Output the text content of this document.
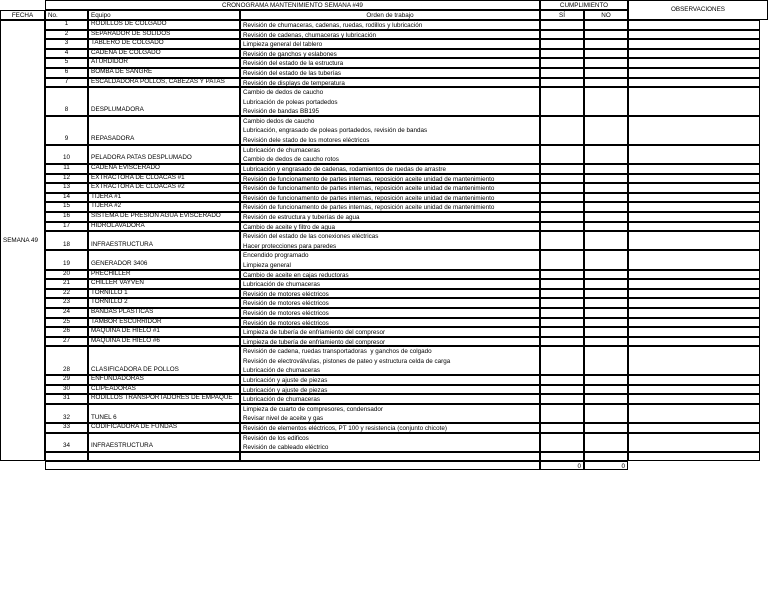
CRONOGRAMA MANTENIMIENTO SEMANA #49	CUMPLIMIENTO
OBSERVACIONES
FECHA	No.	Equipo	Orden de trabajo	SÍ	NO
1	RODILLOS DE COLGADO	Revisión de chumaceras, cadenas, ruedas, rodillos y lubricación
2	SEPARADOR DE SÓLIDOS	Revisión de cadenas, chumaceras y lubricación
3	TABLERO DE COLGADO	Limpieza general del tablero
4	CADENA DE COLGADO	Revisión de ganchos y eslabones
5	ATURDIDOR	Revisión del estado de la estructura
6	BOMBA DE SANGRE	Revisión del estado de las tuberías
7	ESCALDADORA POLLOS, CABEZAS Y PATAS	Revisión de displays de temperatura
8	DESPLUMADORA
Cambio de dedos de caucho
Lubricación de poleas portadedos
Revisión de bandas BB195
9	REPASADORA
Cambio dedos de caucho
Lubricación, engrasado de poleas portadedos, revisión de bandas
Revisión dele stado de los motores eléctricos
10	PELADORA PATAS DESPLUMADO
Lubricación de chumaceras
Cambio de dedos de caucho rotos
11	CADENA EVISCERADO	Lubricación y engrasado de cadenas, rodamientos de ruedas de arrastre
12	EXTRACTORA DE CLOACAS #1	Revisión de funcionamento de partes internas, reposición aceite unidad de mantenimiento
13	EXTRACTORA DE CLOACAS #2	Revisión de funcionamento de partes internas, reposición aceite unidad de mantenimiento
14	TIJERA #1	Revisión de funcionamento de partes internas, reposición aceite unidad de mantenimiento
15	TIJERA #2	Revisión de funcionamento de partes internas, reposición aceite unidad de mantenimiento
16	SISTEMA DE PRESION AGUA EVISCERADO	Revisión de estructura y tuberías de agua
17	HIDROLAVADORA	Cambio de aceite y filtro de agua
18	INFRAESTRUCTURA
Revisión del estado de las conexiones eléctricas
Hacer protecciones para paredes
19	GENERADOR 3406
Encendido programado
Limpieza general
20	PRECHILLER	Cambio de aceite en cajas reductoras
21	CHILLER VAYVEN	Lubricación de chumaceras
22	TORNILLO 1	Revisión de motores eléctricos
23	TORNILLO 2	Revisión de motores eléctricos
24	BANDAS PLASTICAS	Revisión de motores eléctricos
25	TAMBOR ESCURRIDOR	Revisión de motores eléctricos
26	MÁQUINA DE HIELO #1	Limpieza de tubería de enfriamiento del compresor
27	MÁQUINA DE HIELO #6	Limpieza de tubería de enfriamiento del compresor
28	CLASIFICADORA DE POLLOS
Revisión de cadena, ruedas transportadoras  y ganchos de colgado
Revisión de electroválvulas, pistones de pateo y estructura celda de carga
Lubricación de chumaceras
29	ENFUNDADORAS	Lubricación y ajuste de piezas
30	CLIPEADORAS	Lubricación y ajuste de piezas
31	RODILLOS TRANSPORTADORES DE EMPAQUE	Lubricación de chumaceras
32	TUNEL 6
Limpieza de cuarto de compresores, condensador
Revisar nivel de aceite y gas
33	CODIFICADORA DE FUNDAS	Revisión de elementos eléctricos, PT 100 y resistencia (conjunto chicote)
34	INFRAESTRUCTURA
Revisión de los edificos
Revisión de cableado eléctrico
SEMANA 49
0	0
